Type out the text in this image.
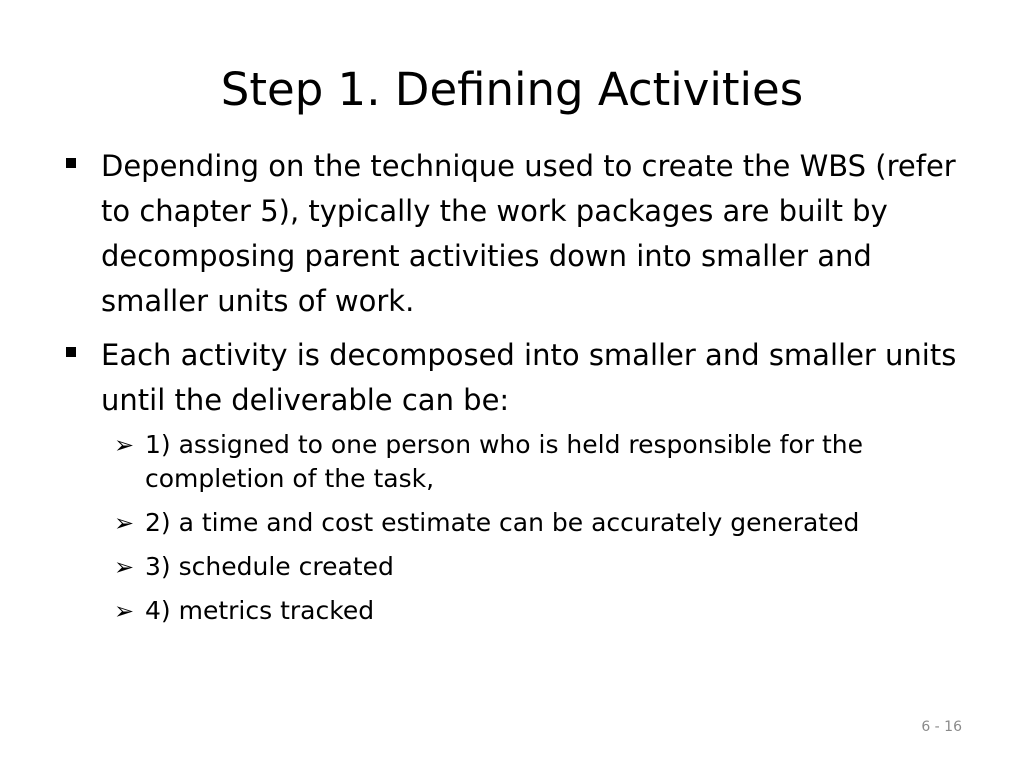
Step 1. Defining Activities
Depending on the technique used to create the WBS (refer to chapter 5), typically the work packages are built by decomposing parent activities down into smaller and smaller units of work.
Each activity is decomposed into smaller and smaller units until the deliverable can be:
➢ 1) assigned to one person who is held responsible for the completion of the task,
➢ 2) a time and cost estimate can be accurately generated
➢ 3) schedule created
➢ 4) metrics tracked
6 - 16
